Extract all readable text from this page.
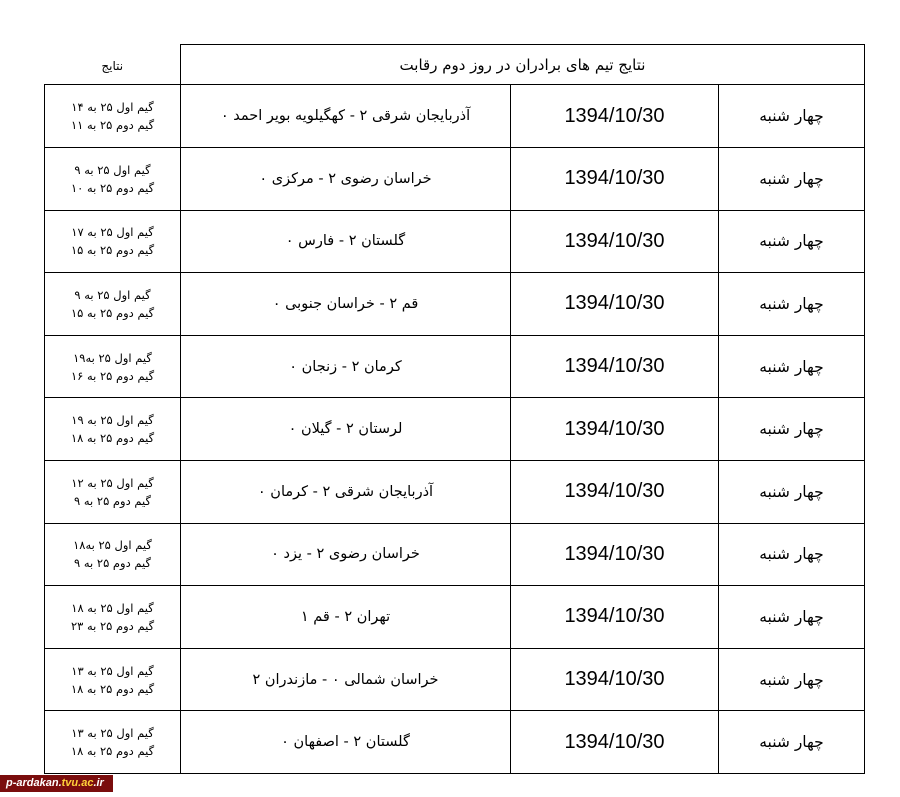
نتایج	نتایج تیم های برادران در روز دوم رقابت		

گیم اول ۲۵ به ۱۴
گیم دوم ۲۵ به ۱۱	آذربایجان شرقی ۲ - کهگیلویه بویر احمد ۰	1394/10/30	چهار شنبه

گیم اول ۲۵ به ۹
گیم دوم ۲۵ به ۱۰	خراسان رضوی ۲ - مرکزی ۰	1394/10/30	چهار شنبه

گیم اول ۲۵ به ۱۷
گیم دوم ۲۵ به ۱۵	گلستان ۲ - فارس ۰	1394/10/30	چهار شنبه

گیم اول ۲۵ به ۹
گیم دوم ۲۵ به ۱۵	قم ۲ - خراسان جنوبی ۰	1394/10/30	چهار شنبه

گیم اول ۲۵ به۱۹
گیم دوم ۲۵ به ۱۶	کرمان ۲ - زنجان ۰	1394/10/30	چهار شنبه

گیم اول ۲۵ به ۱۹
گیم دوم ۲۵ به ۱۸	لرستان ۲ - گیلان ۰	1394/10/30	چهار شنبه

گیم اول ۲۵ به ۱۲
گیم دوم ۲۵ به ۹	آذربایجان شرقی ۲ - کرمان ۰	1394/10/30	چهار شنبه

گیم اول ۲۵ به۱۸
گیم دوم ۲۵ به ۹	خراسان رضوی ۲ - یزد ۰	1394/10/30	چهار شنبه

گیم اول ۲۵ به ۱۸
گیم دوم ۲۵ به ۲۳	تهران ۲ - قم ۱	1394/10/30	چهار شنبه

گیم اول ۲۵ به ۱۳
گیم دوم ۲۵ به ۱۸	خراسان شمالی ۰ - مازندران ۲	1394/10/30	چهار شنبه

گیم اول ۲۵ به ۱۳
گیم دوم ۲۵ به ۱۸	گلستان ۲ - اصفهان ۰	1394/10/30	چهار شنبه
p-ardakan.tvu.ac.ir
